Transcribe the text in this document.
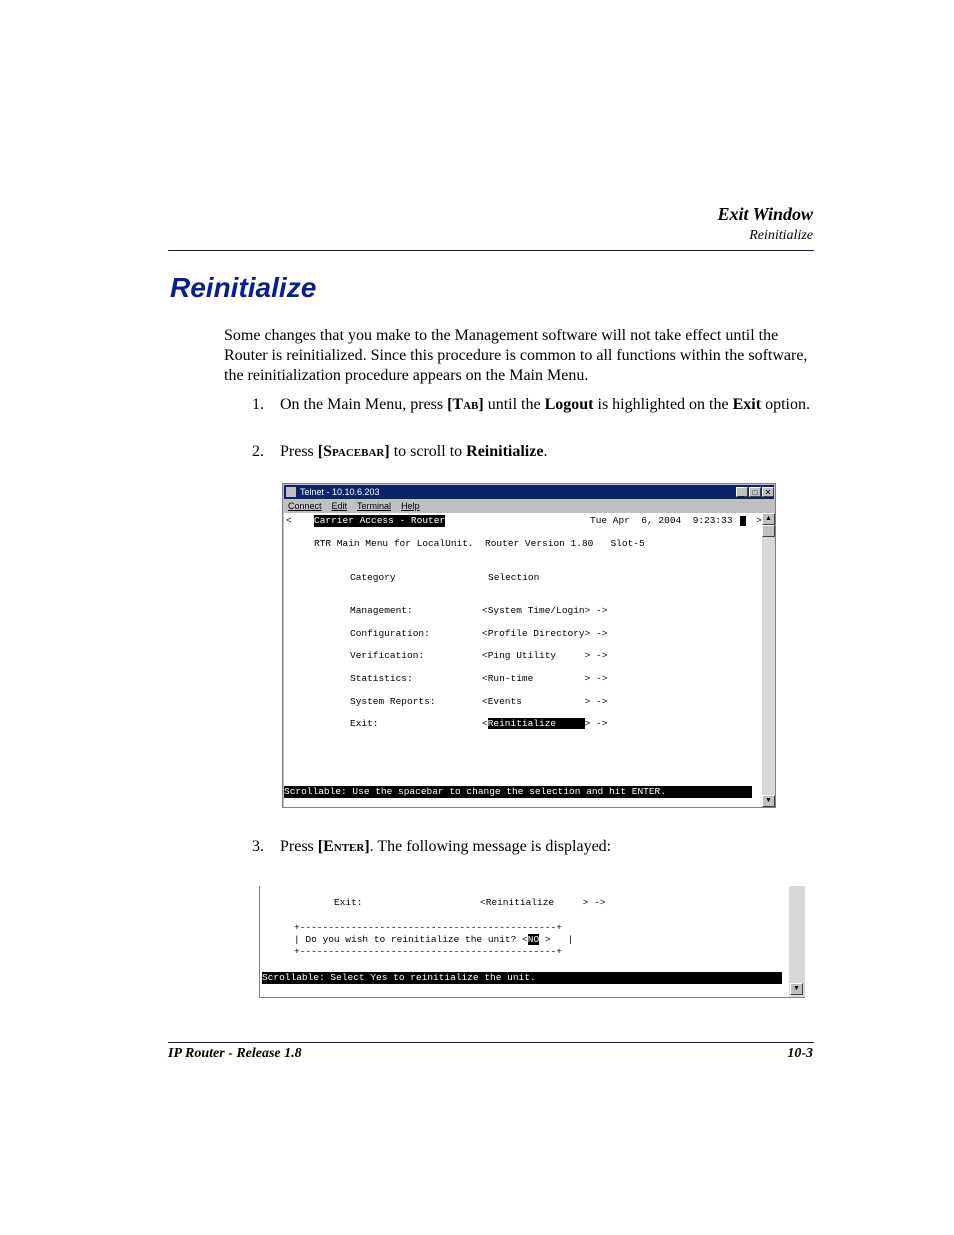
Exit Window
Reinitialize
Reinitialize

Some changes that you make to the Management software will not take effect until the Router is reinitialized. Since this procedure is common to all functions within the software, the reinitialization procedure appears on the Main Menu.

1. On the Main Menu, press [Tab] until the Logout is highlighted on the Exit option.
2. Press [Spacebar] to scroll to Reinitialize.
Telnet - 10.10.6.203	_	□ ✕
Connect Edit Terminal Help
< Carrier Access - Router	Tue Apr  6, 2004  9:23:33 >
RTR Main Menu for LocalUnit.  Router Version 1.80   Slot-5
Category	Selection
Management:	<System Time/Login> ->
Configuration:	<Profile Directory> ->
Verification:	<Ping Utility     > ->
Statistics:	<Run-time         > ->
System Reports:	<Events           > ->
Exit:	<Reinitialize     > ->
Scrollable: Use the spacebar to change the selection and hit ENTER.
▲
▼
3. Press [Enter]. The following message is displayed:
Exit:	<Reinitialize     > ->
+---------------------------------------------+
| Do you wish to reinitialize the unit? <NO >   |
+---------------------------------------------+
Scrollable: Select Yes to reinitialize the unit.
▼
IP Router - Release 1.8	10-3
